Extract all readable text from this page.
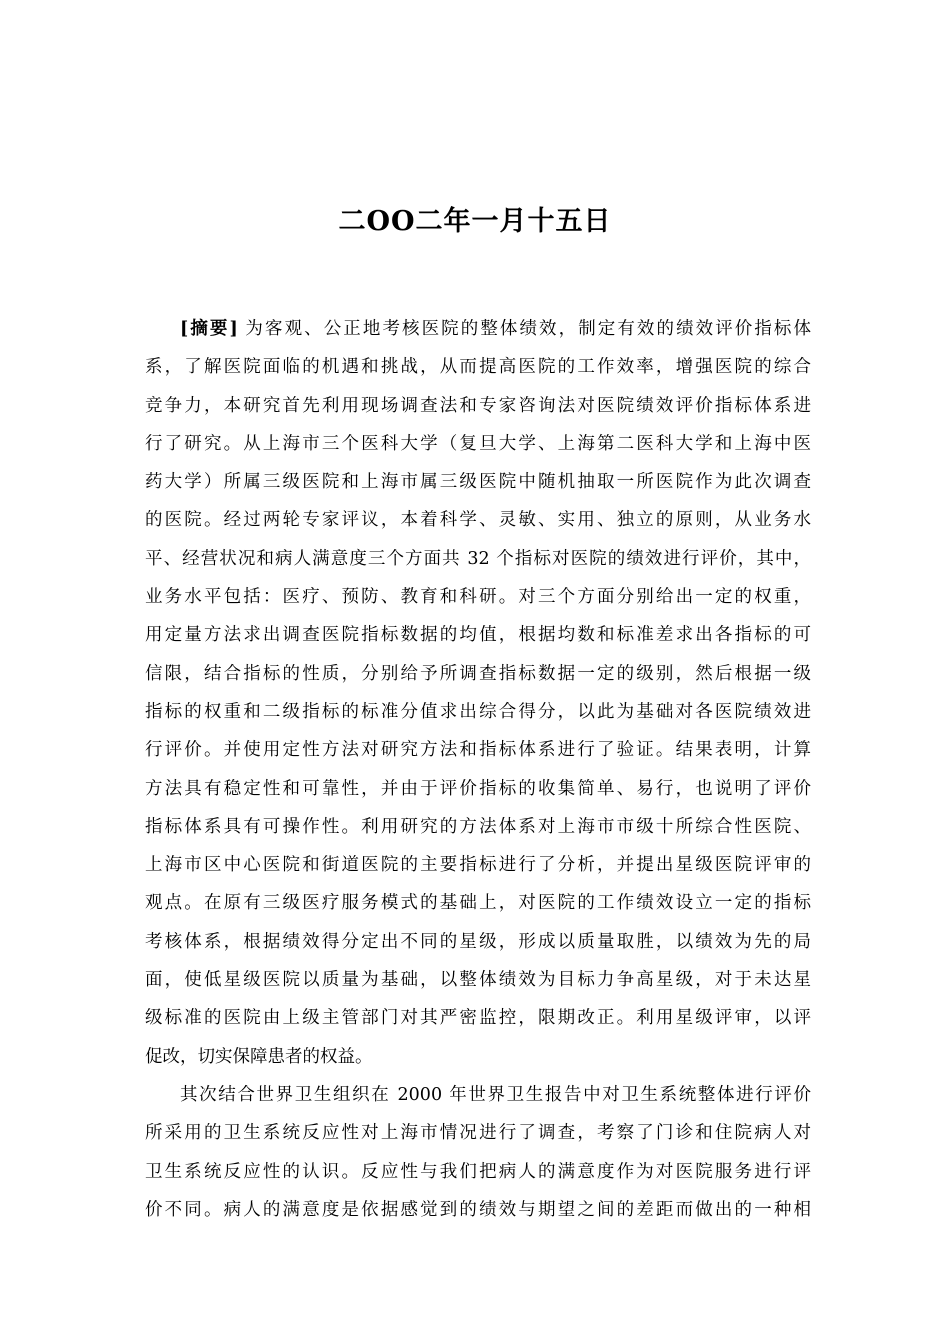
二OO二年一月十五日
[摘要] 为客观、公正地考核医院的整体绩效，制定有效的绩效评价指标体
系，了解医院面临的机遇和挑战，从而提高医院的工作效率，增强医院的综合
竞争力，本研究首先利用现场调查法和专家咨询法对医院绩效评价指标体系进
行了研究。从上海市三个医科大学（复旦大学、上海第二医科大学和上海中医
药大学）所属三级医院和上海市属三级医院中随机抽取一所医院作为此次调查
的医院。经过两轮专家评议，本着科学、灵敏、实用、独立的原则，从业务水
平、经营状况和病人满意度三个方面共 32 个指标对医院的绩效进行评价，其中，
业务水平包括：医疗、预防、教育和科研。对三个方面分别给出一定的权重，
用定量方法求出调查医院指标数据的均值，根据均数和标准差求出各指标的可
信限，结合指标的性质，分别给予所调查指标数据一定的级别，然后根据一级
指标的权重和二级指标的标准分值求出综合得分，以此为基础对各医院绩效进
行评价。并使用定性方法对研究方法和指标体系进行了验证。结果表明，计算
方法具有稳定性和可靠性，并由于评价指标的收集简单、易行，也说明了评价
指标体系具有可操作性。利用研究的方法体系对上海市市级十所综合性医院、
上海市区中心医院和街道医院的主要指标进行了分析，并提出星级医院评审的
观点。在原有三级医疗服务模式的基础上，对医院的工作绩效设立一定的指标
考核体系，根据绩效得分定出不同的星级，形成以质量取胜，以绩效为先的局
面，使低星级医院以质量为基础，以整体绩效为目标力争高星级，对于未达星
级标准的医院由上级主管部门对其严密监控，限期改正。利用星级评审，以评
促改，切实保障患者的权益。
其次结合世界卫生组织在 2000 年世界卫生报告中对卫生系统整体进行评价
所采用的卫生系统反应性对上海市情况进行了调查，考察了门诊和住院病人对
卫生系统反应性的认识。反应性与我们把病人的满意度作为对医院服务进行评
价不同。病人的满意度是依据感觉到的绩效与期望之间的差距而做出的一种相
